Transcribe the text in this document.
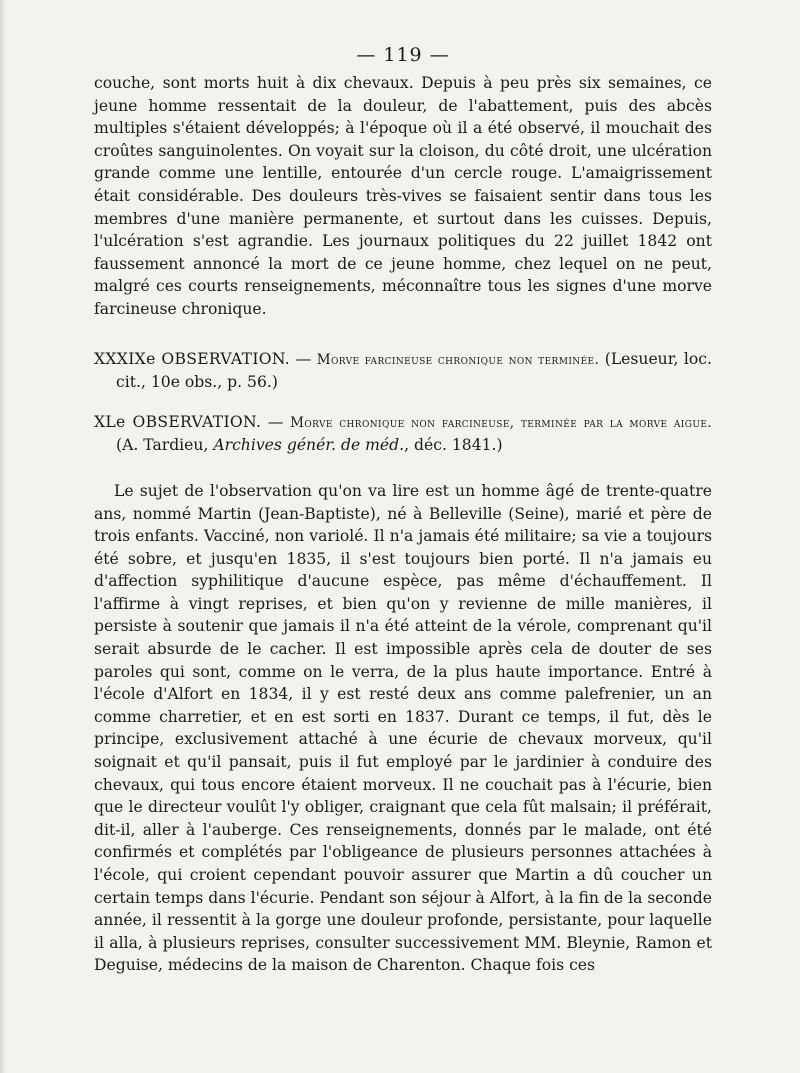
— 119 —

couche, sont morts huit à dix chevaux. Depuis à peu près six semaines, ce jeune homme ressentait de la douleur, de l'abattement, puis des abcès multiples s'étaient développés; à l'époque où il a été observé, il mouchait des croûtes sanguinolentes. On voyait sur la cloison, du côté droit, une ulcération grande comme une lentille, entourée d'un cercle rouge. L'amaigrissement était considérable. Des douleurs très-vives se faisaient sentir dans tous les membres d'une manière permanente, et surtout dans les cuisses. Depuis, l'ulcération s'est agrandie. Les journaux politiques du 22 juillet 1842 ont faussement annoncé la mort de ce jeune homme, chez lequel on ne peut, malgré ces courts renseignements, méconnaître tous les signes d'une morve farcineuse chronique.

XXXIXe OBSERVATION. — Morve farcineuse chronique non terminée. (Lesueur, loc. cit., 10e obs., p. 56.)

XLe OBSERVATION. — Morve chronique non farcineuse, terminée par la morve aigue. (A. Tardieu, Archives génér. de méd., déc. 1841.)

Le sujet de l'observation qu'on va lire est un homme âgé de trente-quatre ans, nommé Martin (Jean-Baptiste), né à Belleville (Seine), marié et père de trois enfants. Vacciné, non variolé. Il n'a jamais été militaire; sa vie a toujours été sobre, et jusqu'en 1835, il s'est toujours bien porté. Il n'a jamais eu d'affection syphilitique d'aucune espèce, pas même d'échauffement. Il l'affirme à vingt reprises, et bien qu'on y revienne de mille manières, il persiste à soutenir que jamais il n'a été atteint de la vérole, comprenant qu'il serait absurde de le cacher. Il est impossible après cela de douter de ses paroles qui sont, comme on le verra, de la plus haute importance. Entré à l'école d'Alfort en 1834, il y est resté deux ans comme palefrenier, un an comme charretier, et en est sorti en 1837. Durant ce temps, il fut, dès le principe, exclusivement attaché à une écurie de chevaux morveux, qu'il soignait et qu'il pansait, puis il fut employé par le jardinier à conduire des chevaux, qui tous encore étaient morveux. Il ne couchait pas à l'écurie, bien que le directeur voulût l'y obliger, craignant que cela fût malsain; il préférait, dit-il, aller à l'auberge. Ces renseignements, donnés par le malade, ont été confirmés et complétés par l'obligeance de plusieurs personnes attachées à l'école, qui croient cependant pouvoir assurer que Martin a dû coucher un certain temps dans l'écurie. Pendant son séjour à Alfort, à la fin de la seconde année, il ressentit à la gorge une douleur profonde, persistante, pour laquelle il alla, à plusieurs reprises, consulter successivement MM. Bleynie, Ramon et Deguise, médecins de la maison de Charenton. Chaque fois ces
